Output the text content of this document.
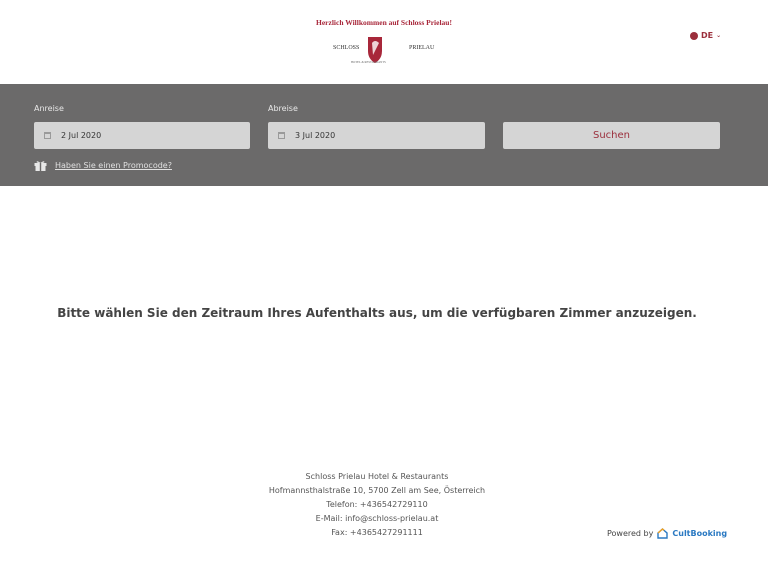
Herzlich Willkommen auf Schloss Prielau!
SCHLOSS	PRIELAU
HOTEL & RESTAURANTS
DE ⌄
Anreise
2 Jul 2020
Abreise
3 Jul 2020	Suchen
Haben Sie einen Promocode?
Bitte wählen Sie den Zeitraum Ihres Aufenthalts aus, um die verfügbaren Zimmer anzuzeigen.
Schloss Prielau Hotel & Restaurants
Hofmannsthalstraße 10, 5700 Zell am See, Österreich
Telefon: +436542729110
E-Mail: info@schloss-prielau.at
Fax: +4365427291111	Powered by CultBooking
